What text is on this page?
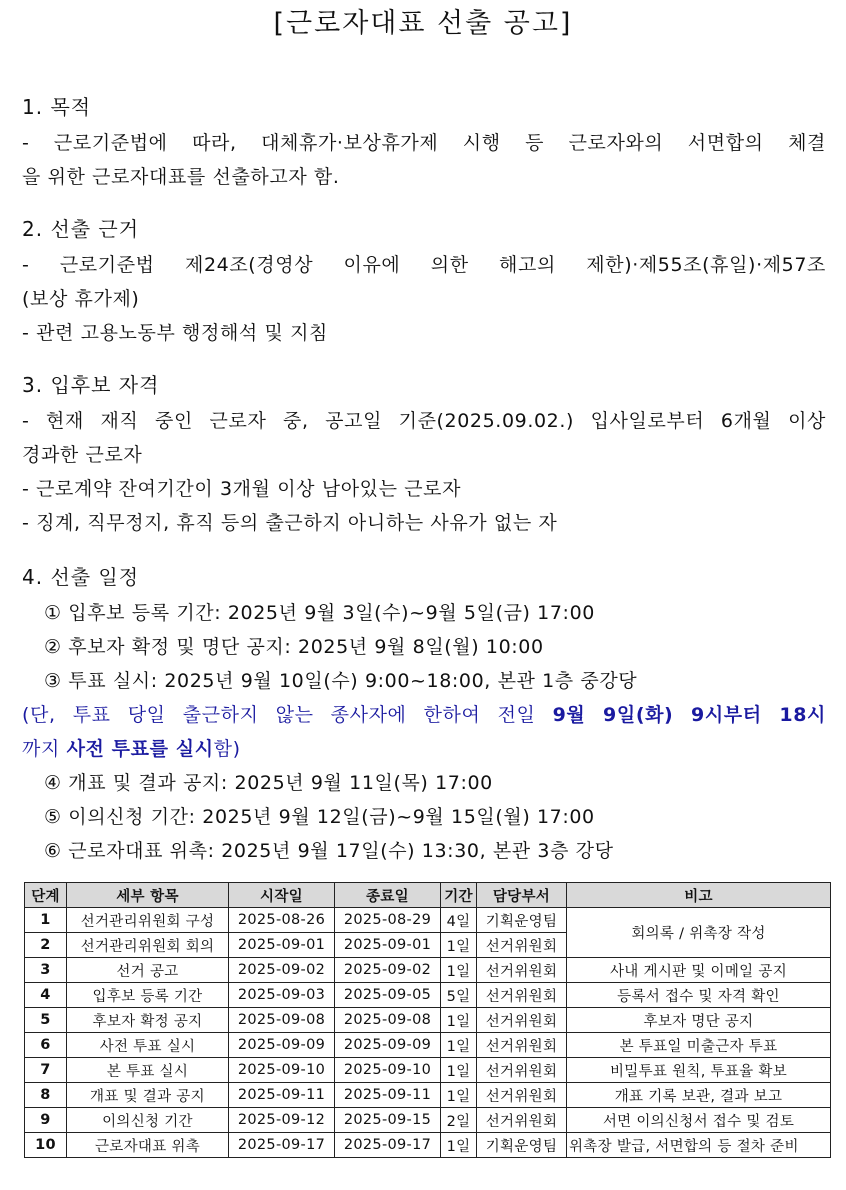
[근로자대표 선출 공고]
1. 목적
- 근로기준법에 따라, 대체휴가·보상휴가제 시행 등 근로자와의 서면합의 체결
을 위한 근로자대표를 선출하고자 함.
2. 선출 근거
- 근로기준법 제24조(경영상 이유에 의한 해고의 제한)·제55조(휴일)·제57조
(보상 휴가제)
- 관련 고용노동부 행정해석 및 지침
3. 입후보 자격
- 현재 재직 중인 근로자 중, 공고일 기준(2025.09.02.) 입사일로부터 6개월 이상
경과한 근로자
- 근로계약 잔여기간이 3개월 이상 남아있는 근로자
- 징계, 직무정지, 휴직 등의 출근하지 아니하는 사유가 없는 자
4. 선출 일정
① 입후보 등록 기간: 2025년 9월 3일(수)~9월 5일(금) 17:00
② 후보자 확정 및 명단 공지: 2025년 9월 8일(월) 10:00
③ 투표 실시: 2025년 9월 10일(수) 9:00~18:00, 본관 1층 중강당
(단, 투표 당일 출근하지 않는 종사자에 한하여 전일 9월 9일(화) 9시부터 18시
까지 사전 투표를 실시함)
④ 개표 및 결과 공지: 2025년 9월 11일(목) 17:00
⑤ 이의신청 기간: 2025년 9월 12일(금)~9월 15일(월) 17:00
⑥ 근로자대표 위촉: 2025년 9월 17일(수) 13:30, 본관 3층 강당
단계	세부 항목	시작일	종료일	기간	담당부서	비고
1	선거관리위원회 구성	2025-08-26	2025-08-29	4일	기획운영팀	회의록 / 위촉장 작성
2	선거관리위원회 회의	2025-09-01	2025-09-01	1일	선거위원회	
3	선거 공고	2025-09-02	2025-09-02	1일	선거위원회	사내 게시판 및 이메일 공지
4	입후보 등록 기간	2025-09-03	2025-09-05	5일	선거위원회	등록서 접수 및 자격 확인
5	후보자 확정 공지	2025-09-08	2025-09-08	1일	선거위원회	후보자 명단 공지
6	사전 투표 실시	2025-09-09	2025-09-09	1일	선거위원회	본 투표일 미출근자 투표
7	본 투표 실시	2025-09-10	2025-09-10	1일	선거위원회	비밀투표 원칙, 투표율 확보
8	개표 및 결과 공지	2025-09-11	2025-09-11	1일	선거위원회	개표 기록 보관, 결과 보고
9	이의신청 기간	2025-09-12	2025-09-15	2일	선거위원회	서면 이의신청서 접수 및 검토
10	근로자대표 위촉	2025-09-17	2025-09-17	1일	기획운영팀	위촉장 발급, 서면합의 등 절차 준비
